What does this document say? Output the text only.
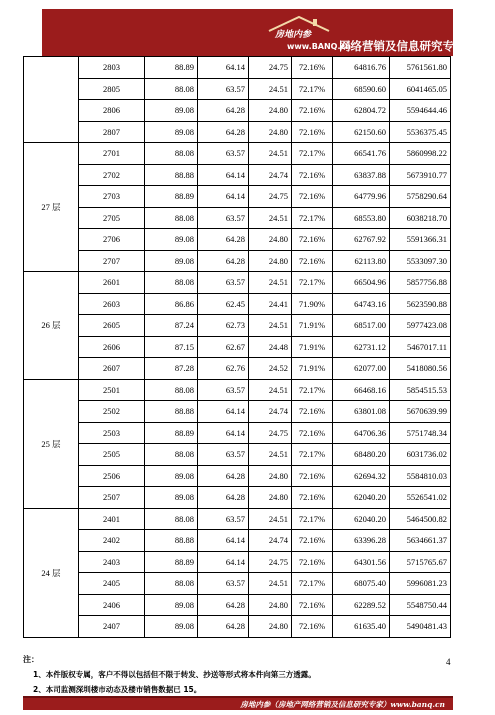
房地内参
www.BANQ.cn
网络营销及信息研究专家
	2803	88.89	64.14	24.75	72.16%	64816.76	5761561.80
	2805	88.08	63.57	24.51	72.17%	68590.60	6041465.05
	2806	89.08	64.28	24.80	72.16%	62804.72	5594644.46
	2807	89.08	64.28	24.80	72.16%	62150.60	5536375.45
27 层	2701	88.08	63.57	24.51	72.17%	66541.76	5860998.22
	2702	88.88	64.14	24.74	72.16%	63837.88	5673910.77
	2703	88.89	64.14	24.75	72.16%	64779.96	5758290.64
	2705	88.08	63.57	24.51	72.17%	68553.80	6038218.70
	2706	89.08	64.28	24.80	72.16%	62767.92	5591366.31
	2707	89.08	64.28	24.80	72.16%	62113.80	5533097.30
26 层	2601	88.08	63.57	24.51	72.17%	66504.96	5857756.88
	2603	86.86	62.45	24.41	71.90%	64743.16	5623590.88
	2605	87.24	62.73	24.51	71.91%	68517.00	5977423.08
	2606	87.15	62.67	24.48	71.91%	62731.12	5467017.11
	2607	87.28	62.76	24.52	71.91%	62077.00	5418080.56
25 层	2501	88.08	63.57	24.51	72.17%	66468.16	5854515.53
	2502	88.88	64.14	24.74	72.16%	63801.08	5670639.99
	2503	88.89	64.14	24.75	72.16%	64706.36	5751748.34
	2505	88.08	63.57	24.51	72.17%	68480.20	6031736.02
	2506	89.08	64.28	24.80	72.16%	62694.32	5584810.03
	2507	89.08	64.28	24.80	72.16%	62040.20	5526541.02
24 层	2401	88.08	63.57	24.51	72.17%	62040.20	5464500.82
	2402	88.88	64.14	24.74	72.16%	63396.28	5634661.37
	2403	88.89	64.14	24.75	72.16%	64301.56	5715765.67
	2405	88.08	63.57	24.51	72.17%	68075.40	5996081.23
	2406	89.08	64.28	24.80	72.16%	62289.52	5548750.44
	2407	89.08	64.28	24.80	72.16%	61635.40	5490481.43
4
注：
1、本件版权专属，客户不得以包括但不限于转发、抄送等形式将本件向第三方透露。
2、本司监测深圳楼市动态及楼市销售数据已 15。
房地内参（房地产网络营销及信息研究专家）www.banq.cn
